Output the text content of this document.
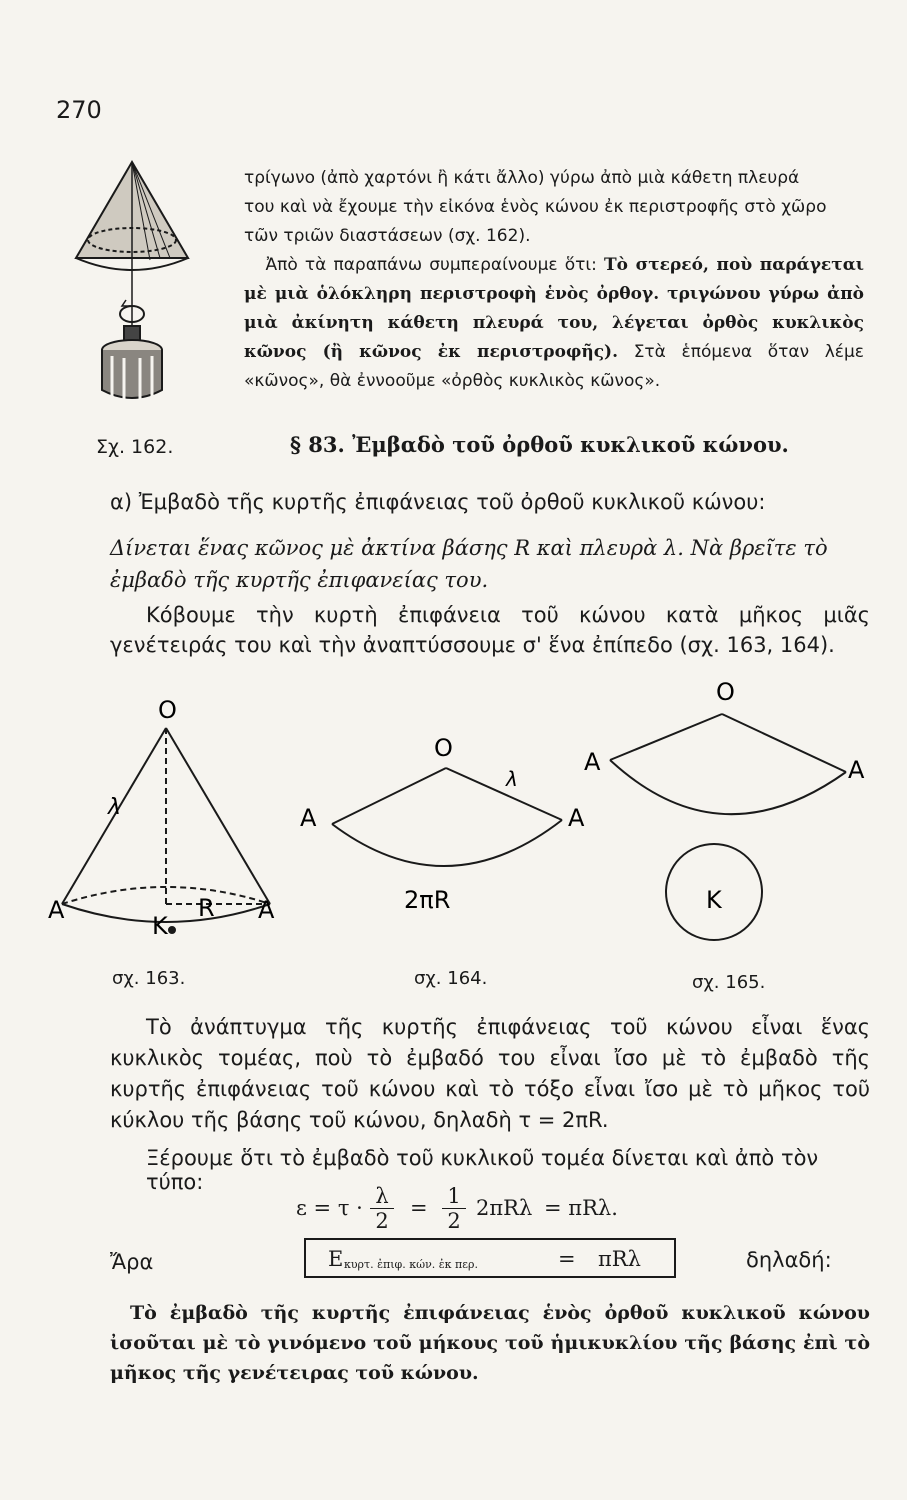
270
τρίγωνο (ἀπὸ χαρτόνι ἢ κάτι ἄλλο) γύρω ἀπὸ μιὰ κάθετη πλευρά
του καὶ νὰ ἔχουμε τὴν εἰκόνα ἑνὸς κώνου ἐκ περιστροφῆς στὸ χῶρο
τῶν τριῶν διαστάσεων (σχ. 162).
Ἀπὸ τὰ παραπάνω συμπεραίνουμε ὅτι: Τὸ στερεό, ποὺ παράγεται μὲ μιὰ ὁλόκληρη περιστροφὴ ἑνὸς ὀρθογ. τριγώνου γύρω ἀπὸ μιὰ ἀκίνητη κάθετη πλευρά του, λέγεται ὀρθὸς κυκλικὸς κῶνος (ἢ κῶνος ἐκ περιστροφῆς). Στὰ ἑπόμενα ὅταν λέμε «κῶνος», θὰ ἐννοοῦμε «ὀρθὸς κυκλικὸς κῶνος».
Σχ. 162.	§ 83. Ἐμβαδὸ τοῦ ὀρθοῦ κυκλικοῦ κώνου.
α) Ἐμβαδὸ τῆς κυρτῆς ἐπιφάνειας τοῦ ὀρθοῦ κυκλικοῦ κώνου:
Δίνεται ἕνας κῶνος μὲ ἀκτίνα βάσης R καὶ πλευρὰ λ. Νὰ βρεῖτε τὸ ἐμβαδὸ τῆς κυρτῆς ἐπιφανείας του.
Κόβουμε τὴν κυρτὴ ἐπιφάνεια τοῦ κώνου κατὰ μῆκος μιᾶς γενέτειράς του καὶ τὴν ἀναπτύσσουμε σ' ἕνα ἐπίπεδο (σχ. 163, 164).
O
A	A
K
R
λ
σχ. 163.
O
A	A
λ
2πR
σχ. 164.
O
A	A
K
σχ. 165.
Τὸ ἀνάπτυγμα τῆς κυρτῆς ἐπιφάνειας τοῦ κώνου εἶναι ἕνας κυκλικὸς τομέας, ποὺ τὸ ἐμβαδό του εἶναι ἴσο μὲ τὸ ἐμβαδὸ τῆς κυρτῆς ἐπιφάνειας τοῦ κώνου καὶ τὸ τόξο εἶναι ἴσο μὲ τὸ μῆκος τοῦ κύκλου τῆς βάσης τοῦ κώνου, δηλαδὴ τ = 2πR.
Ξέρουμε ὅτι τὸ ἐμβαδὸ τοῦ κυκλικοῦ τομέα δίνεται καὶ ἀπὸ τὸν τύπο:
$\varepsilon = \tau \cdot \frac{\lambda}{2} = \frac{1}{2} 2\pi R\lambda = \pi R\lambda$.
Ἄρα	E κυρτ. ἐπιφ. κών. ἐκ περ.	= πRλ	δηλαδή:
Τὸ ἐμβαδὸ τῆς κυρτῆς ἐπιφάνειας ἑνὸς ὀρθοῦ κυκλικοῦ κώνου ἰσοῦται μὲ τὸ γινόμενο τοῦ μήκους τοῦ ἡμικυκλίου τῆς βάσης ἐπὶ τὸ μῆκος τῆς γενέτειρας τοῦ κώνου.
